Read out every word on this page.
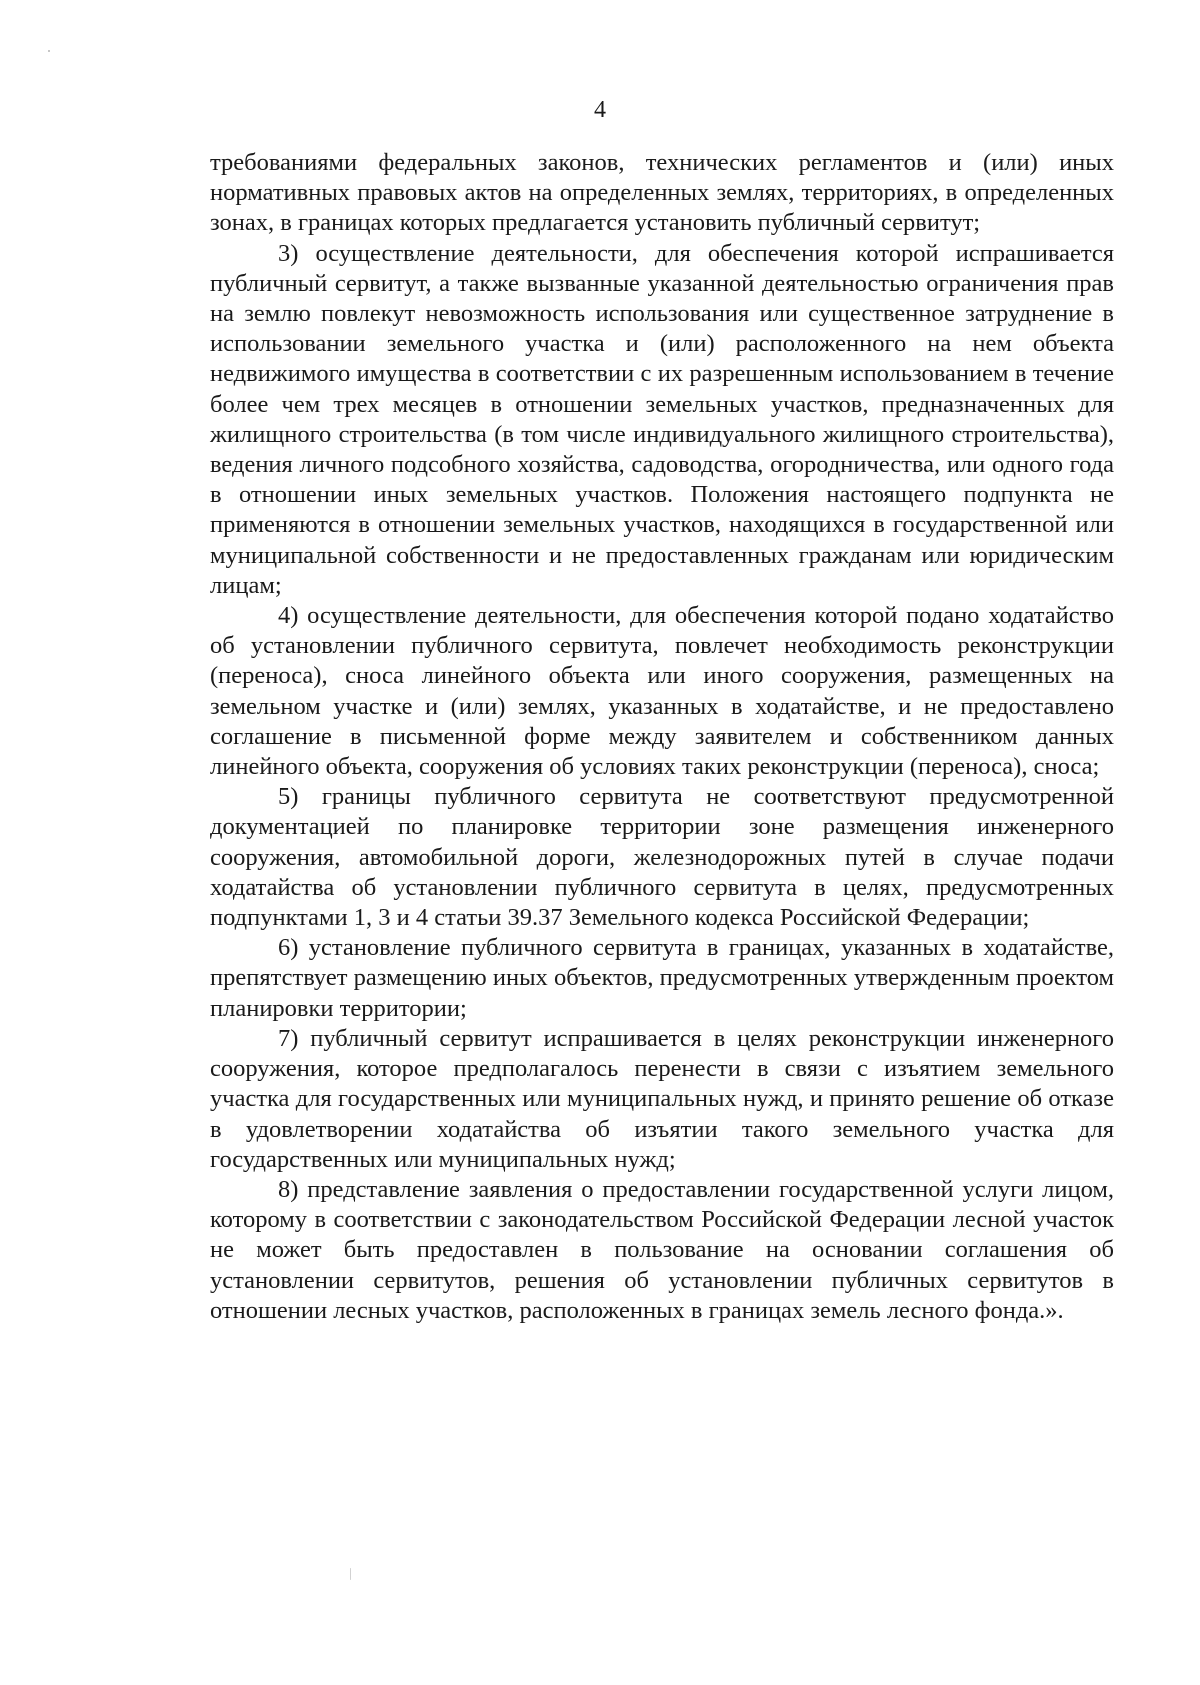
4

требованиями федеральных законов, технических регламентов и (или) иных нормативных правовых актов на определенных землях, территориях, в определенных зонах, в границах которых предлагается установить публичный сервитут;

3) осуществление деятельности, для обеспечения которой испрашивается публичный сервитут, а также вызванные указанной деятельностью ограничения прав на землю повлекут невозможность использования или существенное затруднение в использовании земельного участка и (или) расположенного на нем объекта недвижимого имущества в соответствии с их разрешенным использованием в течение более чем трех месяцев в отношении земельных участков, предназначенных для жилищного строительства (в том числе индивидуального жилищного строительства), ведения личного подсобного хозяйства, садоводства, огородничества, или одного года в отношении иных земельных участков. Положения настоящего подпункта не применяются в отношении земельных участков, находящихся в государственной или муниципальной собственности и не предоставленных гражданам или юридическим лицам;

4) осуществление деятельности, для обеспечения которой подано ходатайство об установлении публичного сервитута, повлечет необходимость реконструкции (переноса), сноса линейного объекта или иного сооружения, размещенных на земельном участке и (или) землях, указанных в ходатайстве, и не предоставлено соглашение в письменной форме между заявителем и собственником данных линейного объекта, сооружения об условиях таких реконструкции (переноса), сноса;

5) границы публичного сервитута не соответствуют предусмотренной документацией по планировке территории зоне размещения инженерного сооружения, автомобильной дороги, железнодорожных путей в случае подачи ходатайства об установлении публичного сервитута в целях, предусмотренных подпунктами 1, 3 и 4 статьи 39.37 Земельного кодекса Российской Федерации;

6) установление публичного сервитута в границах, указанных в ходатайстве, препятствует размещению иных объектов, предусмотренных утвержденным проектом планировки территории;

7) публичный сервитут испрашивается в целях реконструкции инженерного сооружения, которое предполагалось перенести в связи с изъятием земельного участка для государственных или муниципальных нужд, и принято решение об отказе в удовлетворении ходатайства об изъятии такого земельного участка для государственных или муниципальных нужд;

8) представление заявления о предоставлении государственной услуги лицом, которому в соответствии с законодательством Российской Федерации лесной участок не может быть предоставлен в пользование на основании соглашения об установлении сервитутов, решения об установлении публичных сервитутов в отношении лесных участков, расположенных в границах земель лесного фонда.».
